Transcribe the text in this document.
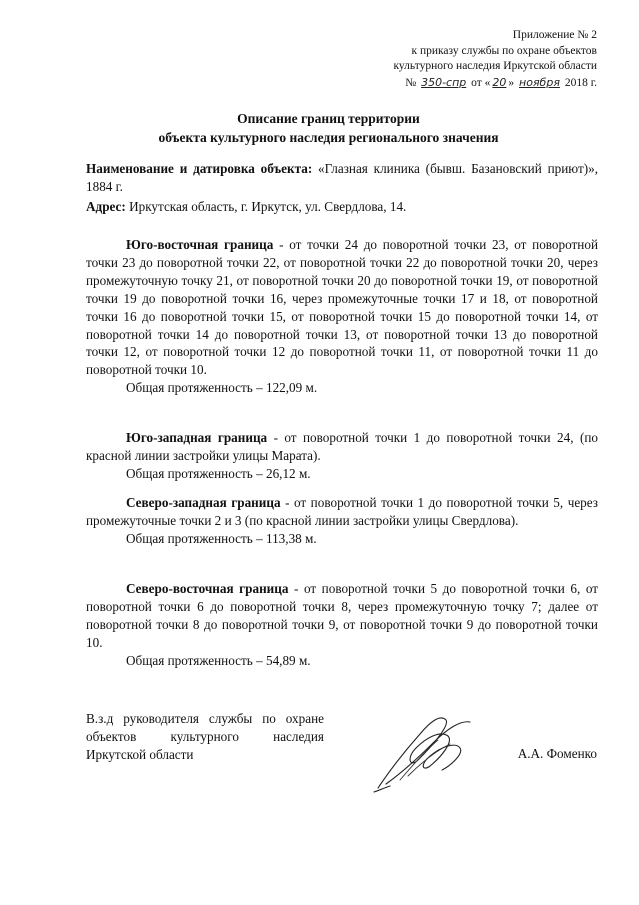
Приложение № 2
к приказу службы по охране объектов
культурного наследия Иркутской области
№ 350-спр от « 20 » ноября 2018 г.
Описание границ территории
объекта культурного наследия регионального значения

Наименование и датировка объекта: «Глазная клиника (бывш. Базановский приют)», 1884 г.

Адрес: Иркутская область, г. Иркутск, ул. Свердлова, 14.

Юго-восточная граница - от точки 24 до поворотной точки 23, от поворотной точки 23 до поворотной точки 22, от поворотной точки 22 до поворотной точки 20, через промежуточную точку 21, от поворотной точки 20 до поворотной точки 19, от поворотной точки 19 до поворотной точки 16, через промежуточные точки 17 и 18, от поворотной точки 16 до поворотной точки 15, от поворотной точки 15 до поворотной точки 14, от поворотной точки 14 до поворотной точки 13, от поворотной точки 13 до поворотной точки 12, от поворотной точки 12 до поворотной точки 11, от поворотной точки 11 до поворотной точки 10.

Общая протяженность – 122,09 м.

Юго-западная граница - от поворотной точки 1 до поворотной точки 24, (по красной линии застройки улицы Марата).

Общая протяженность – 26,12 м.

Северо-западная граница - от поворотной точки 1 до поворотной точки 5, через промежуточные точки 2 и 3 (по красной линии застройки улицы Свердлова).

Общая протяженность – 113,38 м.

Северо-восточная граница - от поворотной точки 5 до поворотной точки 6, от поворотной точки 6 до поворотной точки 8, через промежуточную точку 7; далее от поворотной точки 8 до поворотной точки 9, от поворотной точки 9 до поворотной точки 10.

Общая протяженность – 54,89 м.

В.з.д руководителя службы по охране объектов культурного наследия Иркутской области	А.А. Фоменко
